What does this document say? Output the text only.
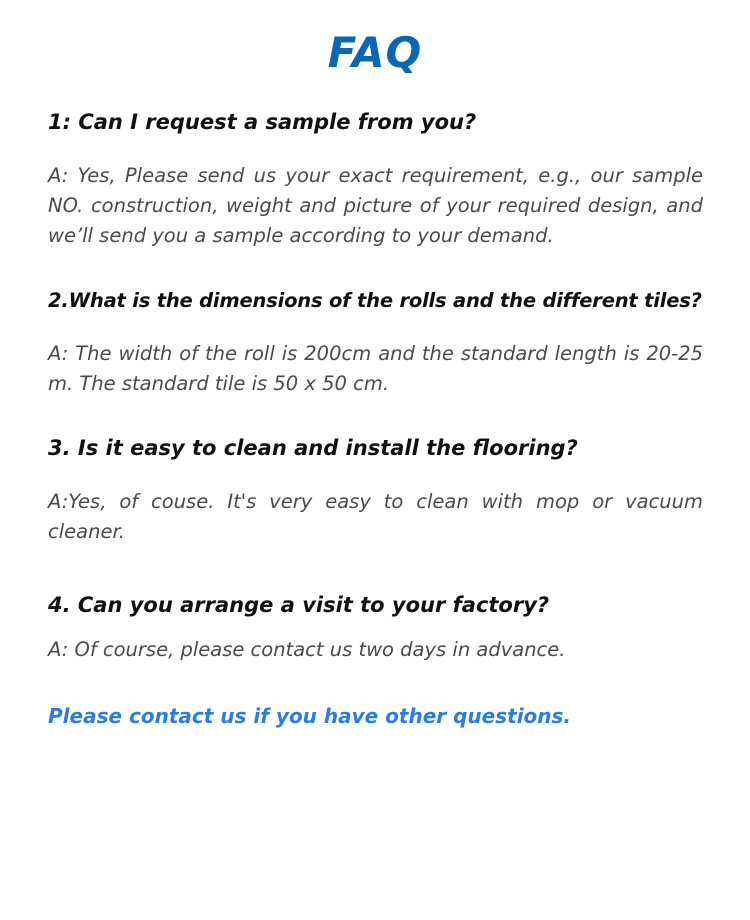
FAQ

1: Can I request a sample from you?

A: Yes, Please send us your exact requirement, e.g., our sample NO. construction, weight and picture of your required design, and we’ll send you a sample according to your demand.

2.What is the dimensions of the rolls and the different tiles?

A: The width of the roll is 200cm and the standard length is 20-25 m. The standard tile is 50 x 50 cm.

3. Is it easy to clean and install the flooring?

A:Yes, of couse. It's very easy to clean with mop or vacuum cleaner.

4. Can you arrange a visit to your factory?

A: Of course, please contact us two days in advance.

Please contact us if you have other questions.
